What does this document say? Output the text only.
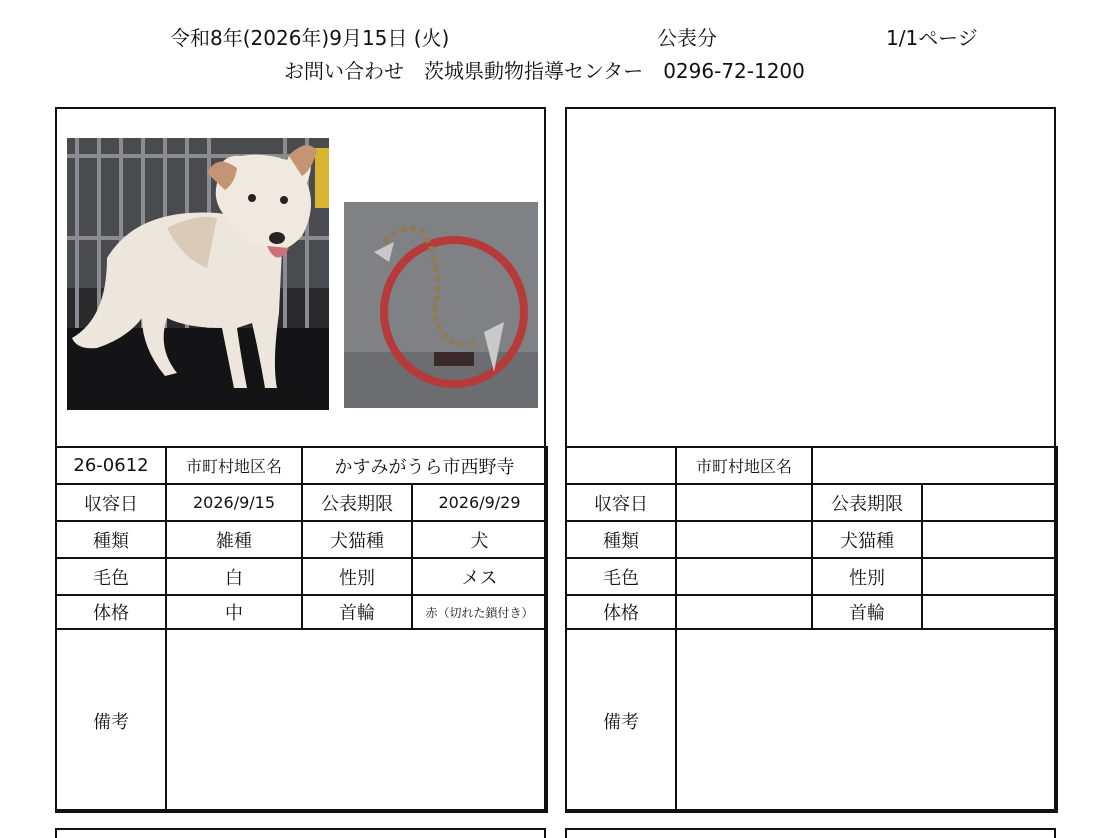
令和8年(2026年)9月15日 (火)	公表分	1/1ページ
お問い合わせ　茨城県動物指導センター　0296-72-1200
26-0612	市町村地区名	かすみがうら市西野寺	
収容日	2026/9/15	公表期限	2026/9/29
種類	雑種	犬猫種	犬
毛色	白	性別	メス
体格	中	首輪	赤（切れた鎖付き）
備考			
	市町村地区名		
収容日		公表期限	
種類		犬猫種	
毛色		性別	
体格		首輪	
備考			
